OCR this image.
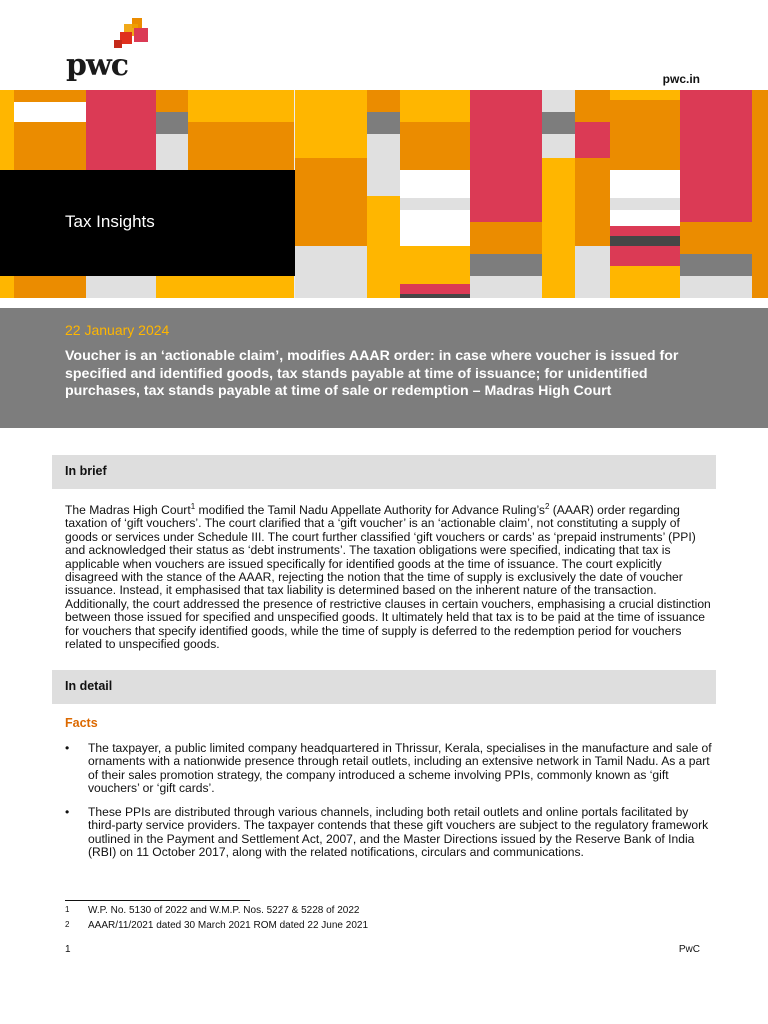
pwc	pwc.in
Tax Insights
22 January 2024
Voucher is an ‘actionable claim’, modifies AAAR order: in case where voucher is issued for specified and identified goods, tax stands payable at time of issuance; for unidentified purchases, tax stands payable at time of sale or redemption – Madras High Court
In brief
The Madras High Court$^1$ modified the Tamil Nadu Appellate Authority for Advance $Ruling’s^2$ (AAAR) order regarding taxation of ‘gift vouchers’. The court clarified that a ‘gift voucher’ is an ‘actionable claim’, not constituting a supply of goods or services under Schedule III. The court further classified ‘gift vouchers or cards’ as ‘prepaid instruments’ (PPI) and acknowledged their status as ‘debt instruments’. The taxation obligations were specified, indicating that tax is applicable when vouchers are issued specifically for identified goods at the time of issuance. The court explicitly disagreed with the stance of the AAAR, rejecting the notion that the time of supply is exclusively the date of voucher issuance. Instead, it emphasised that tax liability is determined based on the inherent nature of the transaction. Additionally, the court addressed the presence of restrictive clauses in certain vouchers, emphasising a crucial distinction between those issued for specified and unspecified goods. It ultimately held that tax is to be paid at the time of issuance for vouchers that specify identified goods, while the time of supply is deferred to the redemption period for vouchers related to unspecified goods.
In detail
Facts
• The taxpayer, a public limited company headquartered in Thrissur, Kerala, specialises in the manufacture and sale of ornaments with a nationwide presence through retail outlets, including an extensive network in Tamil Nadu. As a part of their sales promotion strategy, the company introduced a scheme involving PPIs, commonly known as ‘gift vouchers’ or ‘gift cards’.
• These PPIs are distributed through various channels, including both retail outlets and online portals facilitated by third-party service providers. The taxpayer contends that these gift vouchers are subject to the regulatory framework outlined in the Payment and Settlement Act, 2007, and the Master Directions issued by the Reserve Bank of India (RBI) on 11 October 2017, along with the related notifications, circulars and communications.
1 W.P. No. 5130 of 2022 and W.M.P. Nos. 5227 & 5228 of 2022
2 AAAR/11/2021 dated 30 March 2021 ROM dated 22 June 2021
1	PwC
